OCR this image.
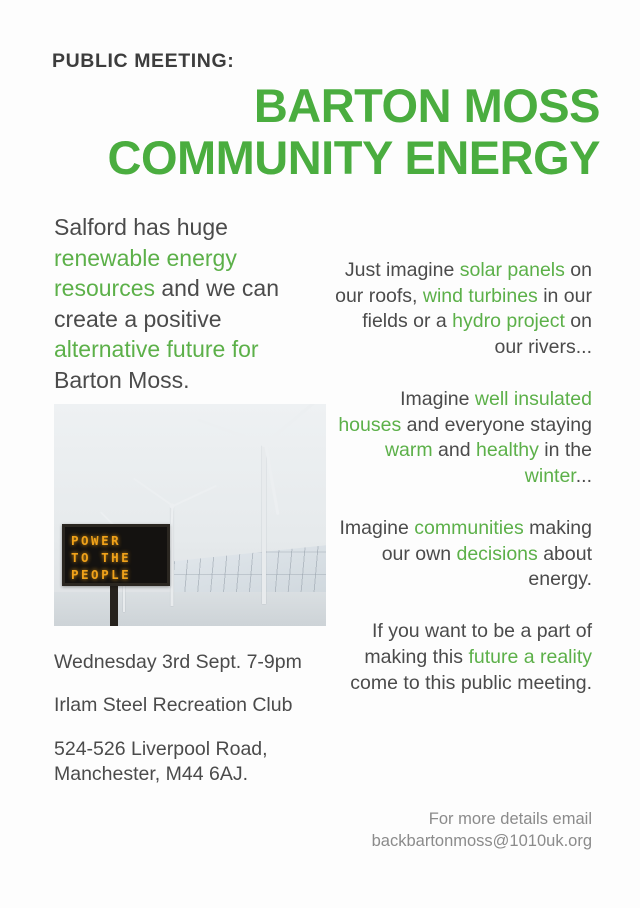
PUBLIC MEETING:
BARTON MOSS
COMMUNITY ENERGY
Salford has huge renewable energy resources and we can create a positive alternative future for Barton Moss.
POWER
TO THE
PEOPLE

Wednesday 3rd Sept. 7-9pm

Irlam Steel Recreation Club

524-526 Liverpool Road, Manchester, M44 6AJ.

Just imagine solar panels on our roofs, wind turbines in our fields or a hydro project on our rivers...

Imagine well insulated houses and everyone staying warm and healthy in the winter...

Imagine communities making our own decisions about energy.

If you want to be a part of making this future a reality come to this public meeting.

For more details email
backbartonmoss@1010uk.org
